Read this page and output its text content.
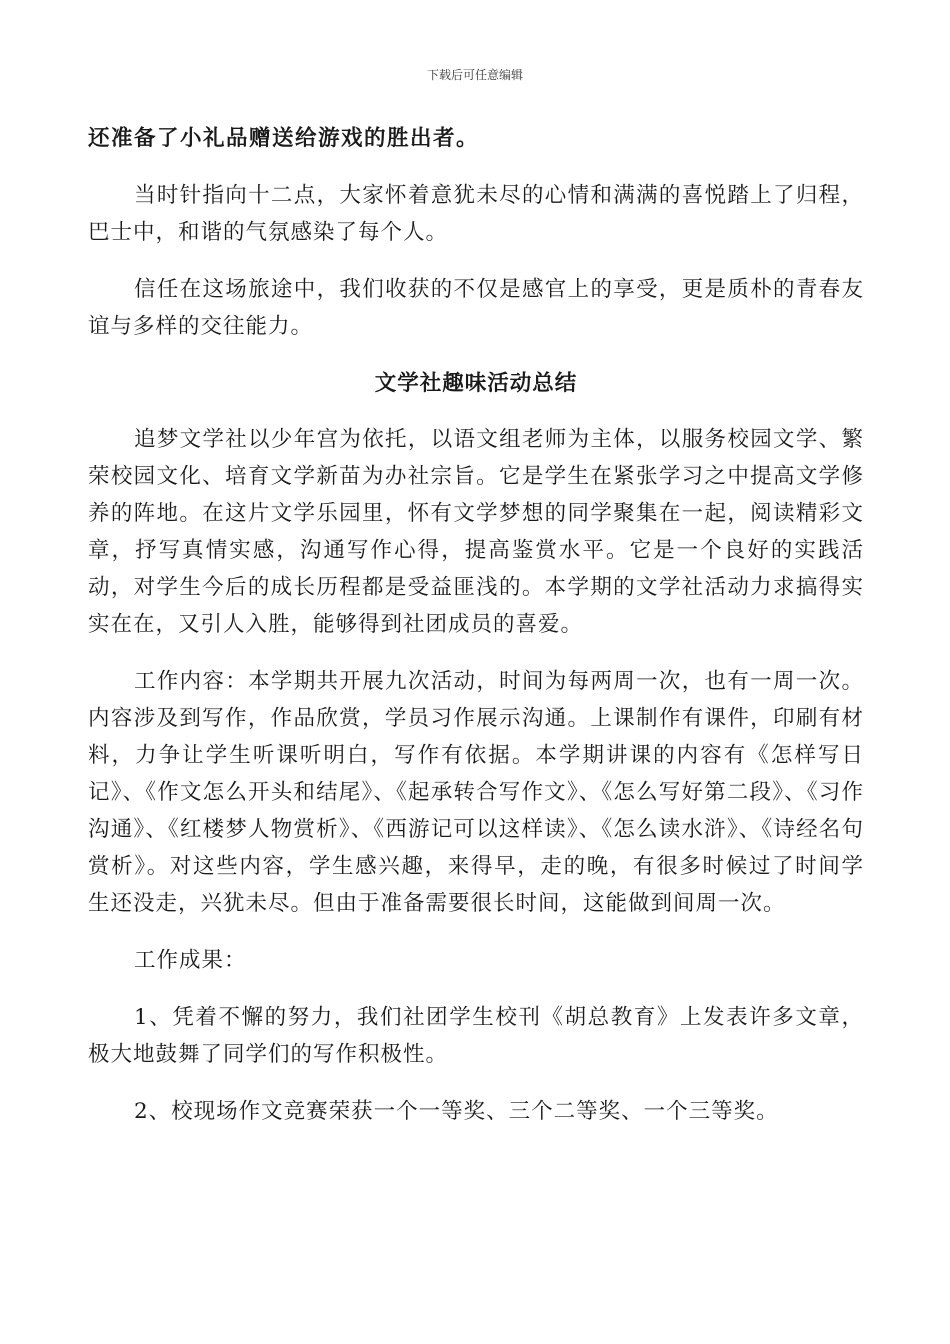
下载后可任意编辑

还准备了小礼品赠送给游戏的胜出者。

当时针指向十二点，大家怀着意犹未尽的心情和满满的喜悦踏上了归程，巴士中，和谐的气氛感染了每个人。

信任在这场旅途中，我们收获的不仅是感官上的享受，更是质朴的青春友谊与多样的交往能力。

文学社趣味活动总结

追梦文学社以少年宫为依托，以语文组老师为主体，以服务校园文学、繁荣校园文化、培育文学新苗为办社宗旨。它是学生在紧张学习之中提高文学修养的阵地。在这片文学乐园里，怀有文学梦想的同学聚集在一起，阅读精彩文章，抒写真情实感，沟通写作心得，提高鉴赏水平。它是一个良好的实践活动，对学生今后的成长历程都是受益匪浅的。本学期的文学社活动力求搞得实实在在，又引人入胜，能够得到社团成员的喜爱。

工作内容：本学期共开展九次活动，时间为每两周一次，也有一周一次。内容涉及到写作，作品欣赏，学员习作展示沟通。上课制作有课件，印刷有材料，力争让学生听课听明白，写作有依据。本学期讲课的内容有《怎样写日记》、《作文怎么开头和结尾》、《起承转合写作文》、《怎么写好第二段》、《习作沟通》、《红楼梦人物赏析》、《西游记可以这样读》、《怎么读水浒》、《诗经名句赏析》。对这些内容，学生感兴趣，来得早，走的晚，有很多时候过了时间学生还没走，兴犹未尽。但由于准备需要很长时间，这能做到间周一次。

工作成果：

1、凭着不懈的努力，我们社团学生校刊《胡总教育》上发表许多文章，极大地鼓舞了同学们的写作积极性。

2、校现场作文竞赛荣获一个一等奖、三个二等奖、一个三等奖。
